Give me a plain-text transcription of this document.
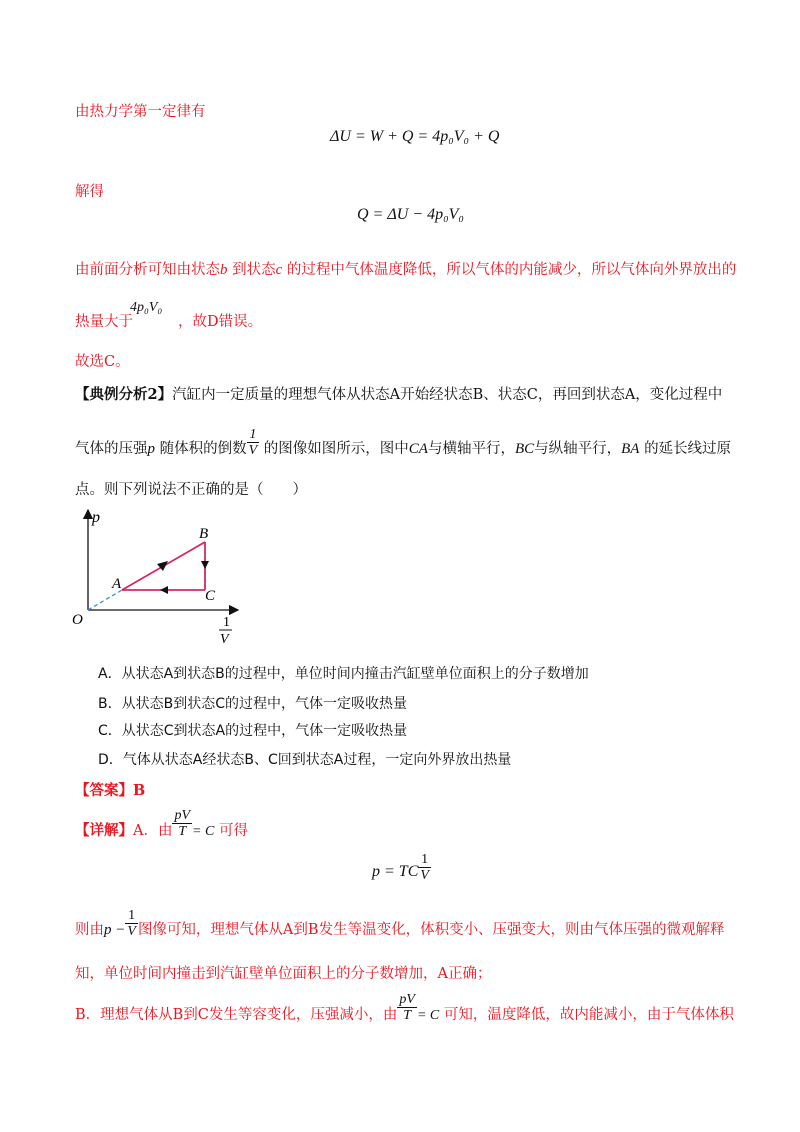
由热力学第一定律有
ΔU = W + Q = 4p₀V₀ + Q
解得
Q = ΔU − 4p₀V₀
由前面分析可知由状态b 到状态c 的过程中气体温度降低，所以气体的内能减少，所以气体向外界放出的
热量大于
4p₀V₀
，故D错误。
故选C。
【典例分析2】汽缸内一定质量的理想气体从状态A开始经状态B、状态C，再回到状态A，变化过程中
气体的压强p 随体积的倒数 $\frac{1}{V}$ 的图像如图所示，图中CA与横轴平行，BC与纵轴平行，BA 的延长线过原
点。则下列说法不正确的是（　　）
p
O
A
B
C
1
V
A．从状态A到状态B的过程中，单位时间内撞击汽缸壁单位面积上的分子数增加
B．从状态B到状态C的过程中，气体一定吸收热量
C．从状态C到状态A的过程中，气体一定吸收热量
D．气体从状态A经状态B、C回到状态A过程，一定向外界放出热量
【答案】B
【详解】A．由 $\frac{pV}{T} = C$ 可得
p = TC $\frac{1}{V}$
则由$p - \frac{1}{V}$ 图像可知，理想气体从A到B发生等温变化，体积变小、压强变大，则由气体压强的微观解释
知，单位时间内撞击到汽缸壁单位面积上的分子数增加，A正确；
B．理想气体从B到C发生等容变化，压强减小，由 $\frac{pV}{T} = C$ 可知，温度降低，故内能减小，由于气体体积
